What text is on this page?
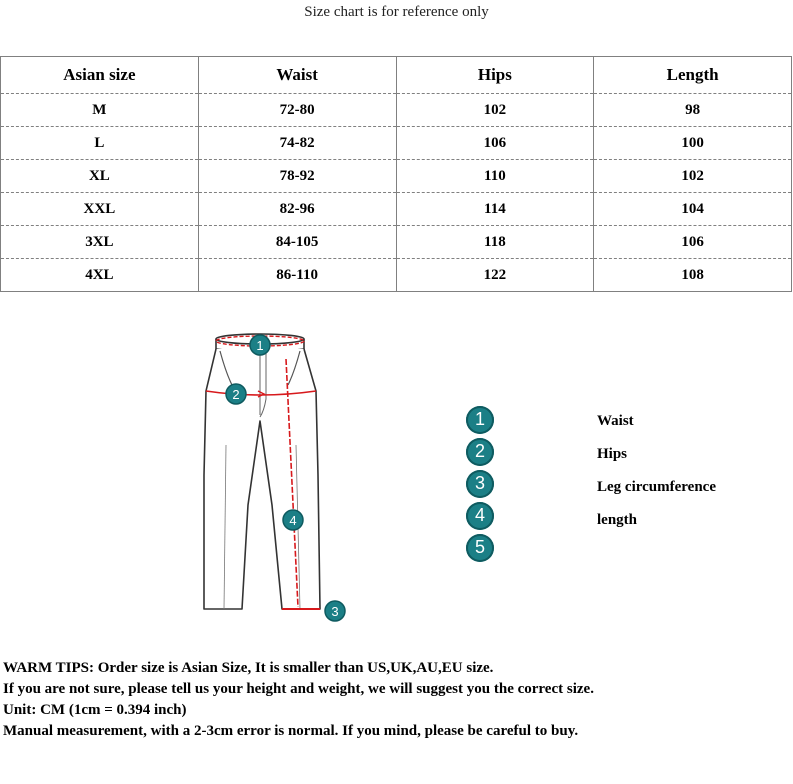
Size chart is for reference only
Asian size	Waist	Hips	Length
M	72-80	102	98
L	74-82	106	100
XL	78-92	110	102
XXL	82-96	114	104
3XL	84-105	118	106
4XL	86-110	122	108
1
2
4
3
1
2
3
4
5
Waist
Hips
Leg circumference
length
WARM TIPS: Order size is Asian Size, It is smaller than US,UK,AU,EU size.
If you are not sure, please tell us your height and weight, we will suggest you the correct size.
Unit: CM (1cm = 0.394 inch)
Manual measurement, with a 2-3cm error is normal. If you mind, please be careful to buy.
